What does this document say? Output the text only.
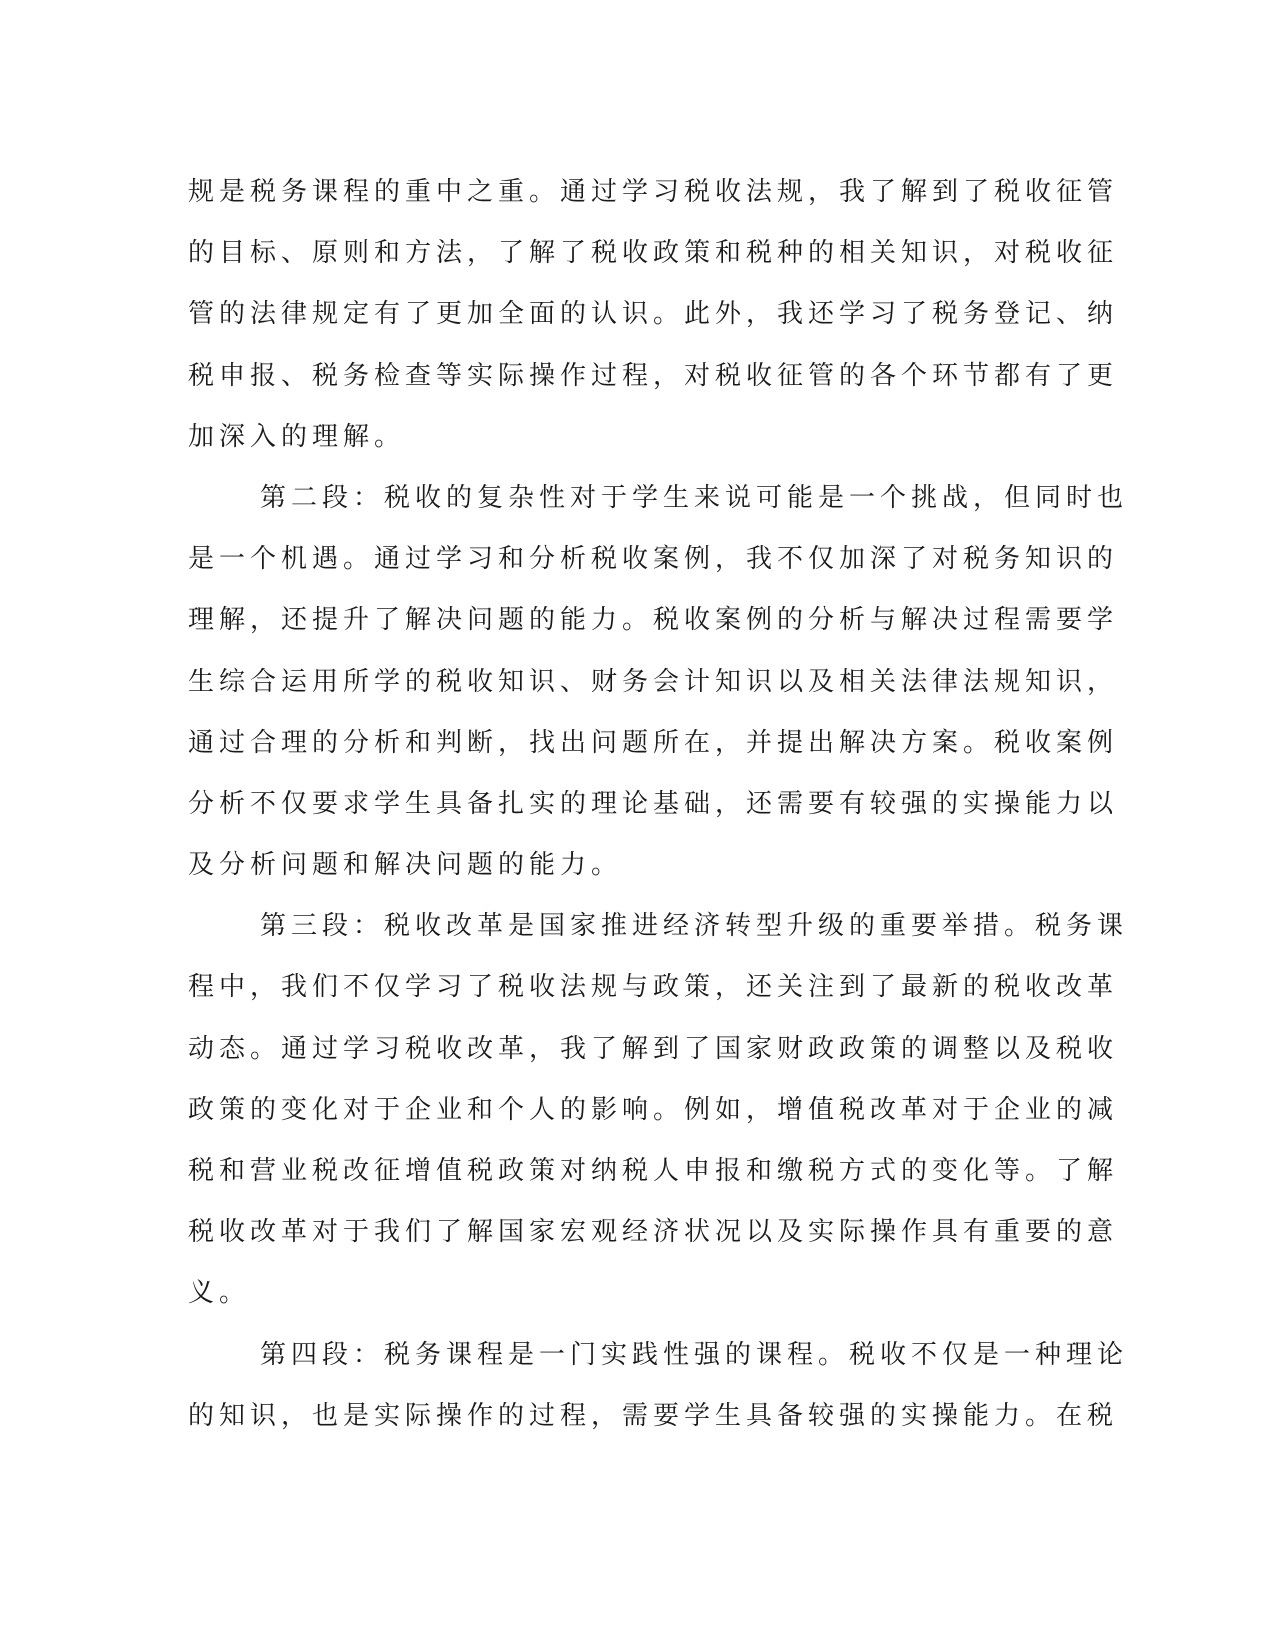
规是税务课程的重中之重。通过学习税收法规，我了解到了税收征管
的目标、原则和方法，了解了税收政策和税种的相关知识，对税收征
管的法律规定有了更加全面的认识。此外，我还学习了税务登记、纳
税申报、税务检查等实际操作过程，对税收征管的各个环节都有了更
加深入的理解。
第二段：税收的复杂性对于学生来说可能是一个挑战，但同时也
是一个机遇。通过学习和分析税收案例，我不仅加深了对税务知识的
理解，还提升了解决问题的能力。税收案例的分析与解决过程需要学
生综合运用所学的税收知识、财务会计知识以及相关法律法规知识，
通过合理的分析和判断，找出问题所在，并提出解决方案。税收案例
分析不仅要求学生具备扎实的理论基础，还需要有较强的实操能力以
及分析问题和解决问题的能力。
第三段：税收改革是国家推进经济转型升级的重要举措。税务课
程中，我们不仅学习了税收法规与政策，还关注到了最新的税收改革
动态。通过学习税收改革，我了解到了国家财政政策的调整以及税收
政策的变化对于企业和个人的影响。例如，增值税改革对于企业的减
税和营业税改征增值税政策对纳税人申报和缴税方式的变化等。了解
税收改革对于我们了解国家宏观经济状况以及实际操作具有重要的意
义。
第四段：税务课程是一门实践性强的课程。税收不仅是一种理论
的知识，也是实际操作的过程，需要学生具备较强的实操能力。在税
